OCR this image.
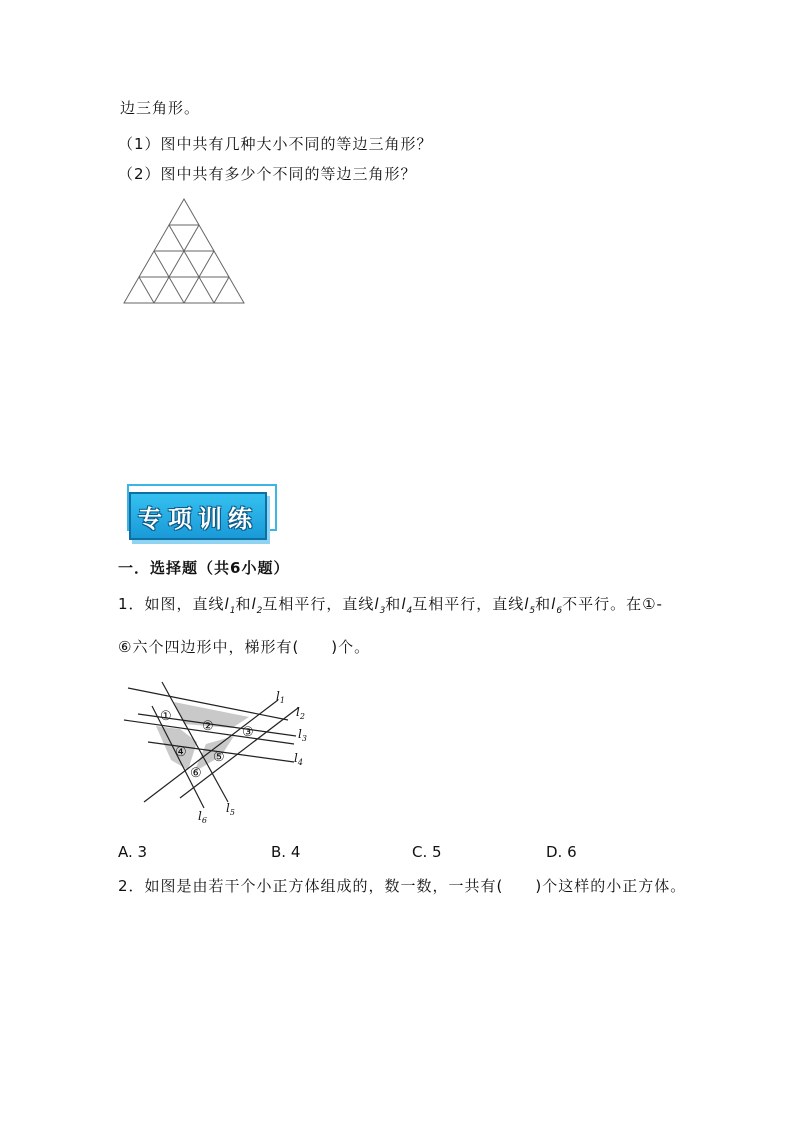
边三角形。
（1）图中共有几种大小不同的等边三角形？
（2）图中共有多少个不同的等边三角形？
专项训练
一．选择题（共6小题）
1．如图，直线$l_1$和$l_2$互相平行，直线$l_3$和$l_4$互相平行，直线$l_5$和$l_6$不平行。在①-
⑥六个四边形中，梯形有(　　)个。
①
② ③
④ ⑤
⑥
$l_1$
$l_2$
$l_3$
$l_4$
$l_5$
$l_6$
A. 3	B. 4	C. 5	D. 6
2．如图是由若干个小正方体组成的，数一数，一共有(　　)个这样的小正方体。
